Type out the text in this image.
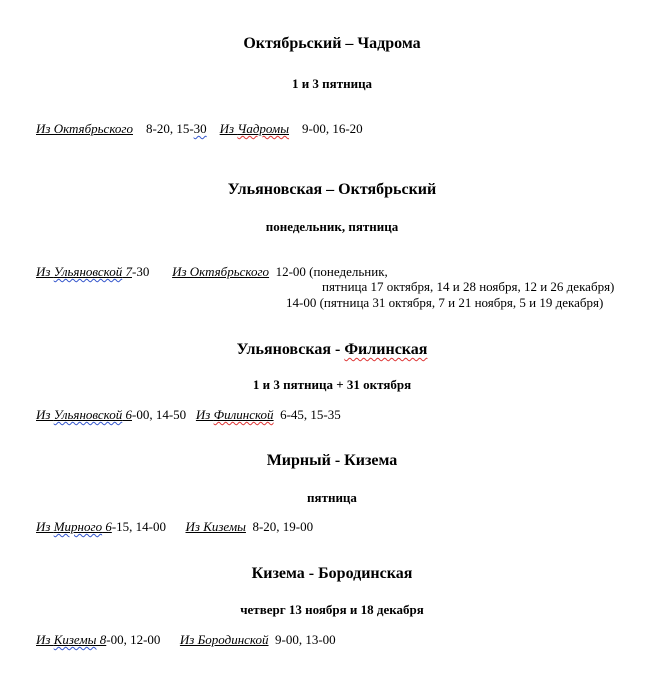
Октябрьский – Чадрома
1 и 3 пятница
Из Октябрьского 8-20, 15-30 Из Чадромы 9-00, 16-20
Ульяновская – Октябрьский
понедельник, пятница
Из Ульяновской 7-30 Из Октябрьского 12-00 (понедельник,
пятница 17 октября, 14 и 28 ноября, 12 и 26 декабря)
14-00 (пятница 31 октября, 7 и 21 ноября, 5 и 19 декабря)
Ульяновская - Филинская
1 и 3 пятница + 31 октября
Из Ульяновской 6-00, 14-50 Из Филинской 6-45, 15-35
Мирный - Кизема
пятница
Из Мирного 6-15, 14-00 Из Киземы 8-20, 19-00
Кизема - Бородинская
четверг 13 ноября и 18 декабря
Из Киземы 8-00, 12-00 Из Бородинской 9-00, 13-00
